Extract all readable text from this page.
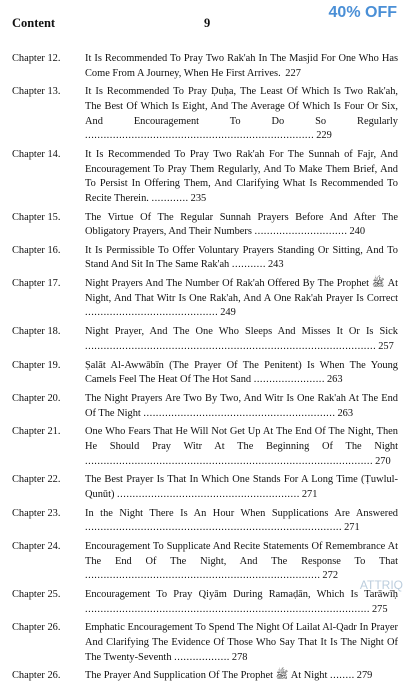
Content	9
40% OFF
Chapter 12.	It Is Recommended To Pray Two Rak'ah In The Masjid For One Who Has Come From A Journey, When He First Arrives. 227
Chapter 13.	It Is Recommended To Pray Ḍuḥa, The Least Of Which Is Two Rak'ah, The Best Of Which Is Eight, And The Average Of Which Is Four Or Six, And Encouragement To Do So Regularly .......................................................................... 229
Chapter 14.	It Is Recommended To Pray Two Rak'ah For The Sunnah of Fajr, And Encouragement To Pray Them Regularly, And To Make Them Brief, And To Persist In Offering Them, And Clarifying What Is Recommended To Recite Therein. ............ 235
Chapter 15.	The Virtue Of The Regular Sunnah Prayers Before And After The Obligatory Prayers, And Their Numbers .............................. 240
Chapter 16.	It Is Permissible To Offer Voluntary Prayers Standing Or Sitting, And To Stand And Sit In The Same Rak'ah ........... 243
Chapter 17.	Night Prayers And The Number Of Rak'ah Offered By The Prophet ﷺ At Night, And That Witr Is One Rak'ah, And A One Rak'ah Prayer Is Correct ........................................... 249
Chapter 18.	Night Prayer, And The One Who Sleeps And Misses It Or Is Sick .............................................................................................. 257
Chapter 19.	Ṣalāt Al-Awwābīn (The Prayer Of The Penitent) Is When The Young Camels Feel The Heat Of The Hot Sand ....................... 263
Chapter 20.	The Night Prayers Are Two By Two, And Witr Is One Rak'ah At The End Of The Night .............................................................. 263
Chapter 21.	One Who Fears That He Will Not Get Up At The End Of The Night, Then He Should Pray Witr At The Beginning Of The Night ............................................................................................. 270
Chapter 22.	The Best Prayer Is That In Which One Stands For A Long Time (Ṭuwlul-Qunūt) ........................................................... 271
Chapter 23.	In the Night There Is An Hour When Supplications Are Answered ................................................................................... 271
Chapter 24.	Encouragement To Supplicate And Recite Statements Of Remembrance At The End Of The Night, And The Response To That ............................................................................ 272
Chapter 25.	Encouragement To Pray Qiyām During Ramaḍān, Which Is Tarāwīḥ ............................................................................................ 275
Chapter 26.	Emphatic Encouragement To Spend The Night Of Lailat Al-Qadr In Prayer And Clarifying The Evidence Of Those Who Say That It Is The Night Of The Twenty-Seventh .................. 278
Chapter 26.	The Prayer And Supplication Of The Prophet ﷺ At Night ........ 279
ATTRIQ
